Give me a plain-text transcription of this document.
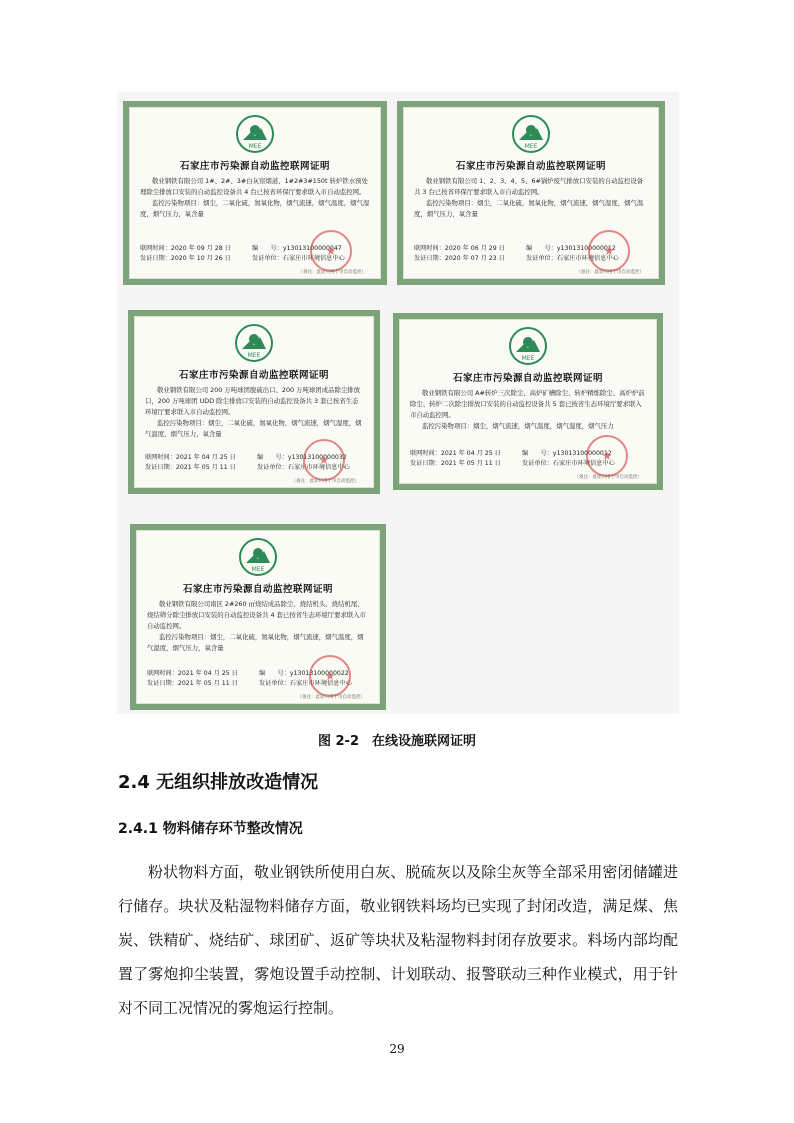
MEE
石家庄市污染源自动监控联网证明

敬业钢铁有限公司 1#、2#、3#白灰窑烟道、1#2#3#150t 转炉铁水预处理除尘排放口安装的自动监控设备共 4 台已按省环保厅要求联入市自动监控网。

监控污染物项目：烟尘，二氧化硫，氮氧化物，烟气流速，烟气温度，烟气湿度，烟气压力，氧含量

联网时间：2020 年 09 月 28 日	编　　号：y13013100000047
发证日期：2020 年 10 月 26 日	发证单位：石家庄市环境信息中心
★
（备注：此证只用于市自动监控）
MEE
石家庄市污染源自动监控联网证明

敬业钢铁有限公司 1、2、3、4、5、6#锅炉废气排放口安装的自动监控设备共 3 台已按省环保厅要求联入市自动监控网。

监控污染物项目：烟尘，二氧化硫，氮氧化物，烟气流速，烟气湿度，烟气温度，烟气压力，氧含量

联网时间：2020 年 06 月 29 日	编　　号：y13013100000012
发证日期：2020 年 07 月 23 日	发证单位：石家庄市环境信息中心
★
（备注：此证只用于市自动监控）
MEE
石家庄市污染源自动监控联网证明

敬业钢铁有限公司 200 万吨球团脱硫出口、200 万吨球团成品除尘排放口，200 万吨球团 UDD 除尘排放口安装的自动监控设备共 3 套已按省生态环境厅要求联入市自动监控网。

监控污染物项目：烟尘，二氧化硫，氮氧化物，烟气流速，烟气湿度，烟气温度，烟气压力，氧含量

联网时间：2021 年 04 月 25 日	编　　号：y13013100000032
发证日期：2021 年 05 月 11 日	发证单位：石家庄市环境信息中心
★
（备注：此证只用于市自动监控）
MEE
石家庄市污染源自动监控联网证明

敬业钢铁有限公司 A#转炉三次除尘、高炉矿槽除尘、转炉精炼除尘、高炉炉前除尘、转炉二次除尘排放口安装的自动监控设备共 5 套已按省生态环境厅要求联入市自动监控网。

监控污染物项目：烟尘，烟气流速，烟气温度，烟气湿度，烟气压力

联网时间：2021 年 04 月 25 日	编　　号：y13013100000012
发证日期：2021 年 05 月 11 日	发证单位：石家庄市环境信息中心
★
（备注：此证只用于市自动监控）
MEE
石家庄市污染源自动监控联网证明

敬业钢铁有限公司南区 2#260 ㎡烧结成品除尘、烧结机头、烧结机尾、烧结筛分除尘排放口安装的自动监控设备共 4 套已按省生态环境厅要求联入市自动监控网。

监控污染物项目：烟尘，二氧化硫，氮氧化物，烟气流速，烟气温度，烟气湿度，烟气压力，氧含量

联网时间：2021 年 04 月 25 日	编　　号：y13013100000022
发证日期：2021 年 05 月 11 日	发证单位：石家庄市环境信息中心
★
（备注：此证只用于市自动监控）
图 2-2　在线设施联网证明
2.4 无组织排放改造情况
2.4.1 物料储存环节整改情况

粉状物料方面，敬业钢铁所使用白灰、脱硫灰以及除尘灰等全部采用密闭储罐进行储存。块状及粘湿物料储存方面，敬业钢铁料场均已实现了封闭改造，满足煤、焦炭、铁精矿、烧结矿、球团矿、返矿等块状及粘湿物料封闭存放要求。料场内部均配置了雾炮抑尘装置，雾炮设置手动控制、计划联动、报警联动三种作业模式，用于针对不同工况情况的雾炮运行控制。

29
